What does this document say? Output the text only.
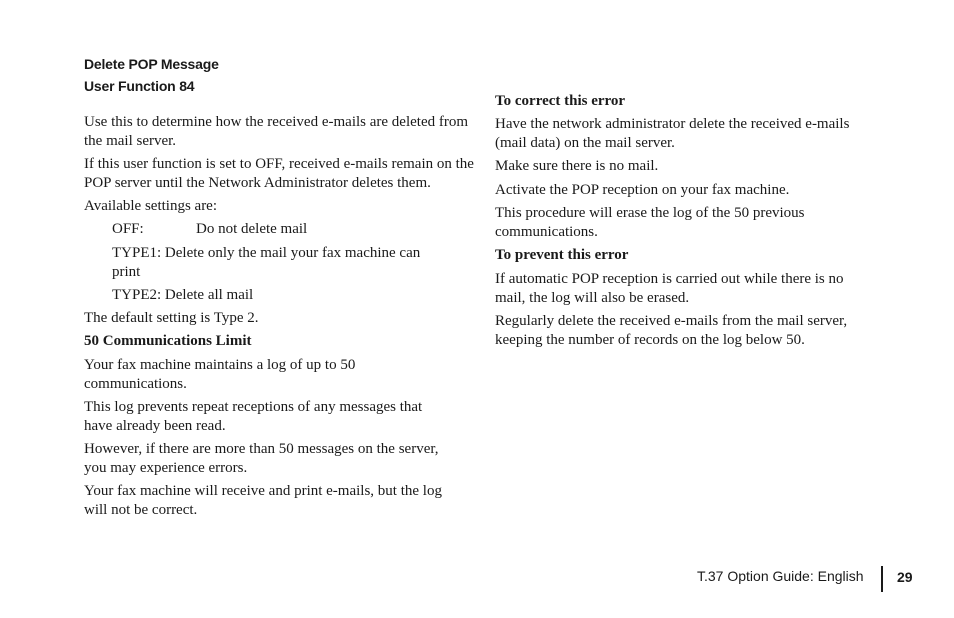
Delete POP Message
User Function 84

Use this to determine how the received e-mails are deleted from the mail server.

If this user function is set to OFF, received e-mails remain on the POP server until the Network Administrator deletes them.

Available settings are:

OFF:	Do not delete mail
TYPE1: Delete only the mail your fax machine can print
TYPE2: Delete all mail

The default setting is Type 2.

50 Communications Limit

Your fax machine maintains a log of up to 50 communications.

This log prevents repeat receptions of any messages that have already been read.

However, if there are more than 50 messages on the server, you may experience errors.

Your fax machine will receive and print e-mails, but the log will not be correct.

To correct this error

Have the network administrator delete the received e-mails (mail data) on the mail server.

Make sure there is no mail.

Activate the POP reception on your fax machine.

This procedure will erase the log of the 50 previous communications.

To prevent this error

If automatic POP reception is carried out while there is no mail, the log will also be erased.

Regularly delete the received e-mails from the mail server, keeping the number of records on the log below 50.

T.37 Option Guide: English 29
